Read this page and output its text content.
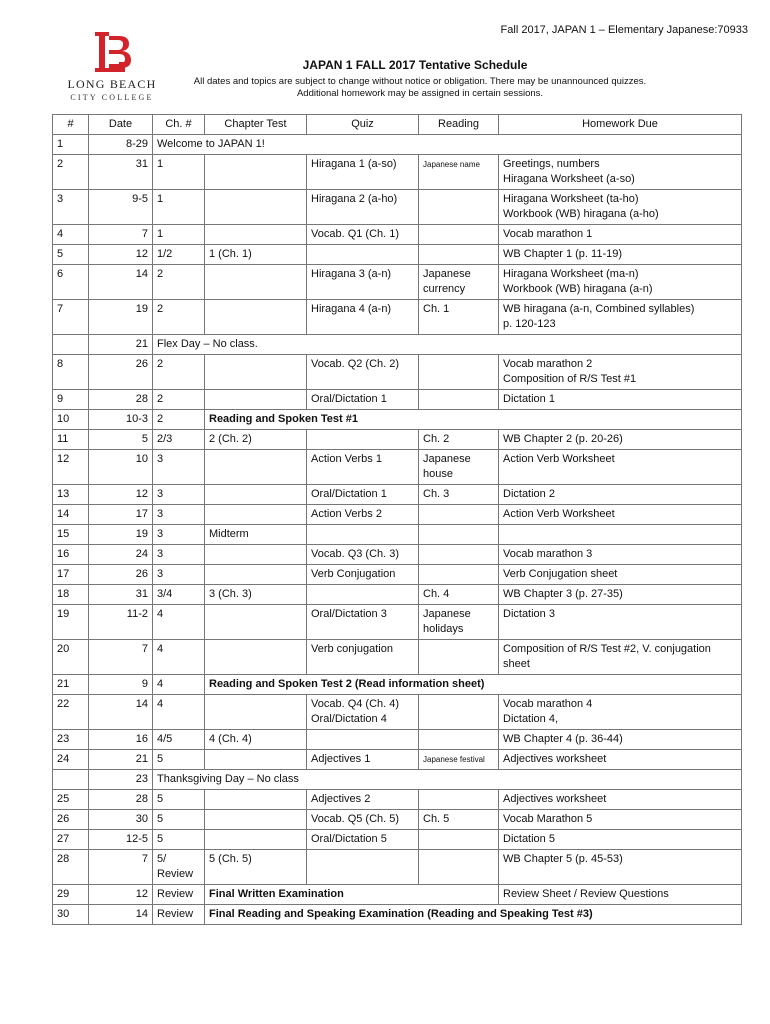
Fall 2017, JAPAN 1 – Elementary Japanese:70933
LONG BEACH
CITY COLLEGE
JAPAN 1 FALL 2017 Tentative Schedule
All dates and topics are subject to change without notice or obligation. There may be unannounced quizzes.
Additional homework may be assigned in certain sessions.
#	Date	Ch. #	Chapter Test	Quiz	Reading	Homework Due
1	8-29	Welcome to JAPAN 1!				
2	31	1		Hiragana 1 (a-so)	Japanese name	Greetings, numbers
Hiragana Worksheet (a-so)

3	9-5	1		Hiragana 2 (a-ho)		Hiragana Worksheet (ta-ho)
Workbook (WB) hiragana (a-ho)

4	7	1		Vocab. Q1 (Ch. 1)		Vocab marathon 1

5	12	1/2	1 (Ch. 1)			WB Chapter 1 (p. 11-19)

6	14	2		Hiragana 3 (a-n)	Japanese currency	Hiragana Worksheet (ma-n)
Workbook (WB) hiragana (a-n)

7	19	2		Hiragana 4 (a-n)	Ch. 1	WB hiragana (a-n, Combined syllables)
p. 120-123

	21	Flex Day – No class.				
8	26	2		Vocab. Q2 (Ch. 2)		Vocab marathon 2
Composition of R/S Test #1

9	28	2		Oral/Dictation 1		Dictation 1

10	10-3	2	Reading and Spoken Test #1			
11	5	2/3	2 (Ch. 2)		Ch. 2	WB Chapter 2 (p. 20-26)

12	10	3		Action Verbs 1	Japanese house	Action Verb Worksheet

13	12	3		Oral/Dictation 1	Ch. 3	Dictation 2

14	17	3		Action Verbs 2		Action Verb Worksheet

15	19	3	Midterm			
16	24	3		Vocab. Q3 (Ch. 3)		Vocab marathon 3

17	26	3		Verb Conjugation		Verb Conjugation sheet

18	31	3/4	3 (Ch. 3)		Ch. 4	WB Chapter 3 (p. 27-35)

19	11-2	4		Oral/Dictation 3	Japanese holidays	Dictation 3

20	7	4		Verb conjugation		Composition of R/S Test #2, V. conjugation sheet

21	9	4	Reading and Spoken Test 2 (Read information sheet)			
22	14	4		Vocab. Q4 (Ch. 4) Oral/Dictation 4		Vocab marathon 4
Dictation 4,

23	16	4/5	4 (Ch. 4)			WB Chapter 4 (p. 36-44)

24	21	5		Adjectives 1	Japanese festival	Adjectives worksheet

	23	Thanksgiving Day – No class				
25	28	5		Adjectives 2		Adjectives worksheet

26	30	5		Vocab. Q5 (Ch. 5)	Ch. 5	Vocab Marathon 5

27	12-5	5		Oral/Dictation 5		Dictation 5

28	7	5/ Review	5 (Ch. 5)			WB Chapter 5 (p. 45-53)

29	12	Review	Final Written Examination			Review Sheet / Review Questions

30	14	Review	Final Reading and Speaking Examination (Reading and Speaking Test #3)			
